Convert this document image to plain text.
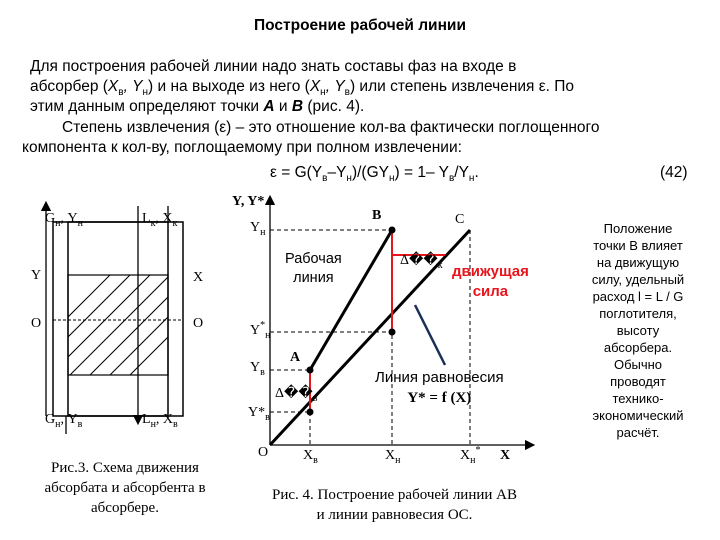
Построение рабочей линии
Для построения рабочей линии надо знать составы фаз на входе в
абсорбер ($X_в$, $Y_н$) и на выходе из него ($X_н$, $Y_в$) или степень извлечения ε. По
этим данным определяют точки A и B (рис. 4).
Степень извлечения (ε) – это отношение кол-ва фактически поглощенного
компонента к кол-ву, поглощаемому при полном извлечении:
$\varepsilon = G(Y_в-Y_н)/(GY_н) = 1-$ $Y_в/Y_н$.	(42)
$G_н$, $Y_н$	$L_к$, $X_к$
Y	X
O	O
$G_н$, $Y_в$	$L_н$, $X_в$
Рис.3. Схема движения
абсорбата и абсорбента в
абсорбере.
Y, Y*
$Y_н$
$Y^*_н$
$Y_в$
$Y*_в$
O $X_в$	$X_н$	$X_н^*$ X
A
B	C
Рабочая
линия
$\Delta��_к$
$\Delta��_в$
движущая
сила
Линия равновесия
Y* = f (X)
Рис. 4. Построение рабочей линии AB
и линии равновесия OC.
Положение
точки B влияет
на движущую
силу, удельный
расход l = L / G
поглотителя,
высоту
абсорбера.
Обычно
проводят
технико-
экономический
расчёт.
